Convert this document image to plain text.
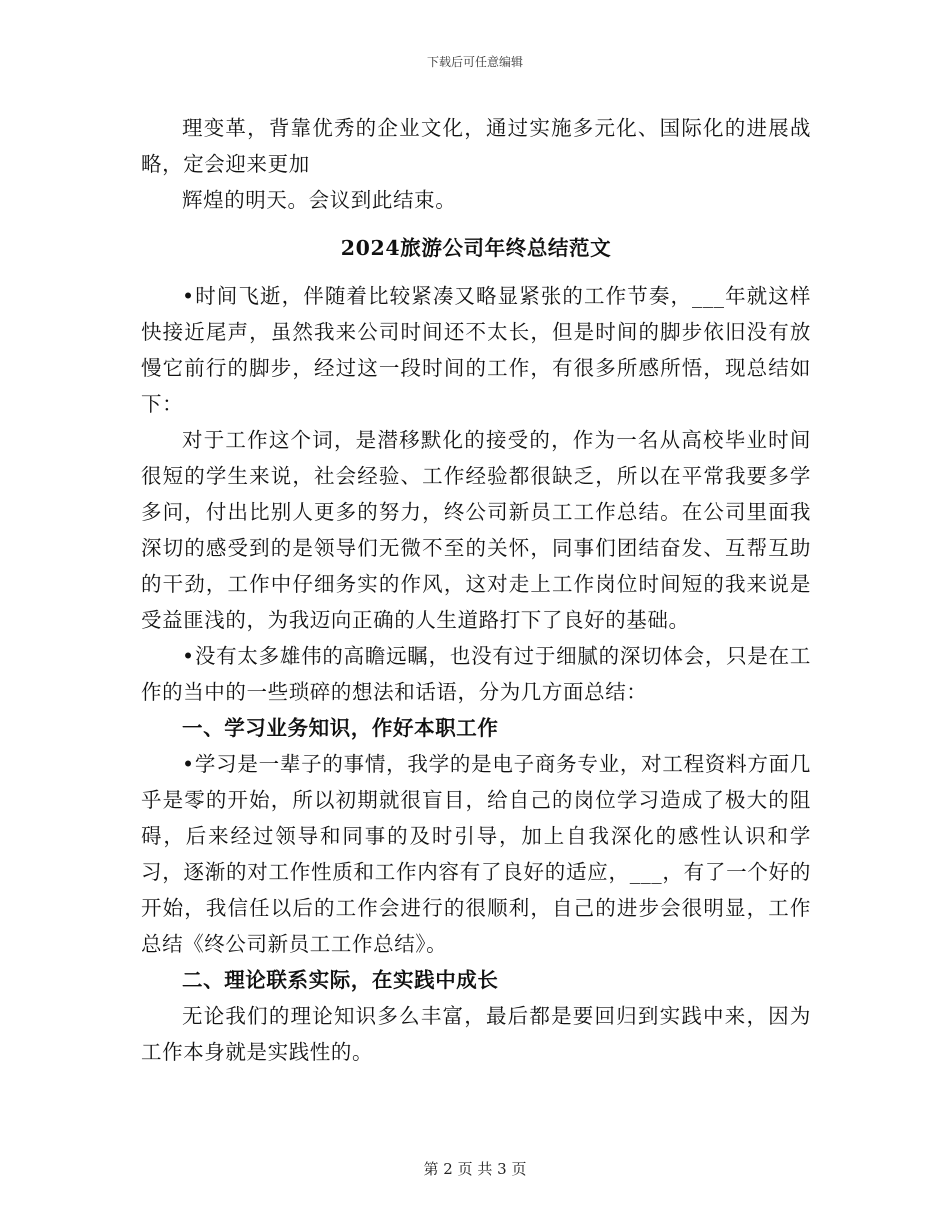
下载后可任意编辑

理变革，背靠优秀的企业文化，通过实施多元化、国际化的进展战略，定会迎来更加

辉煌的明天。会议到此结束。

2024旅游公司年终总结范文

• 时间飞逝，伴随着比较紧凑又略显紧张的工作节奏，___年就这样快接近尾声，虽然我来公司时间还不太长，但是时间的脚步依旧没有放慢它前行的脚步，经过这一段时间的工作，有很多所感所悟，现总结如下：

对于工作这个词，是潜移默化的接受的，作为一名从高校毕业时间很短的学生来说，社会经验、工作经验都很缺乏，所以在平常我要多学多问，付出比别人更多的努力，终公司新员工工作总结。在公司里面我深切的感受到的是领导们无微不至的关怀，同事们团结奋发、互帮互助的干劲，工作中仔细务实的作风，这对走上工作岗位时间短的我来说是受益匪浅的，为我迈向正确的人生道路打下了良好的基础。

• 没有太多雄伟的高瞻远瞩，也没有过于细腻的深切体会，只是在工作的当中的一些琐碎的想法和话语，分为几方面总结：

一、学习业务知识，作好本职工作

• 学习是一辈子的事情，我学的是电子商务专业，对工程资料方面几乎是零的开始，所以初期就很盲目，给自己的岗位学习造成了极大的阻碍，后来经过领导和同事的及时引导，加上自我深化的感性认识和学习，逐渐的对工作性质和工作内容有了良好的适应，___，有了一个好的开始，我信任以后的工作会进行的很顺利，自己的进步会很明显，工作总结《终公司新员工工作总结》。

二、理论联系实际，在实践中成长

无论我们的理论知识多么丰富，最后都是要回归到实践中来，因为工作本身就是实践性的。

第 2 页 共 3 页
